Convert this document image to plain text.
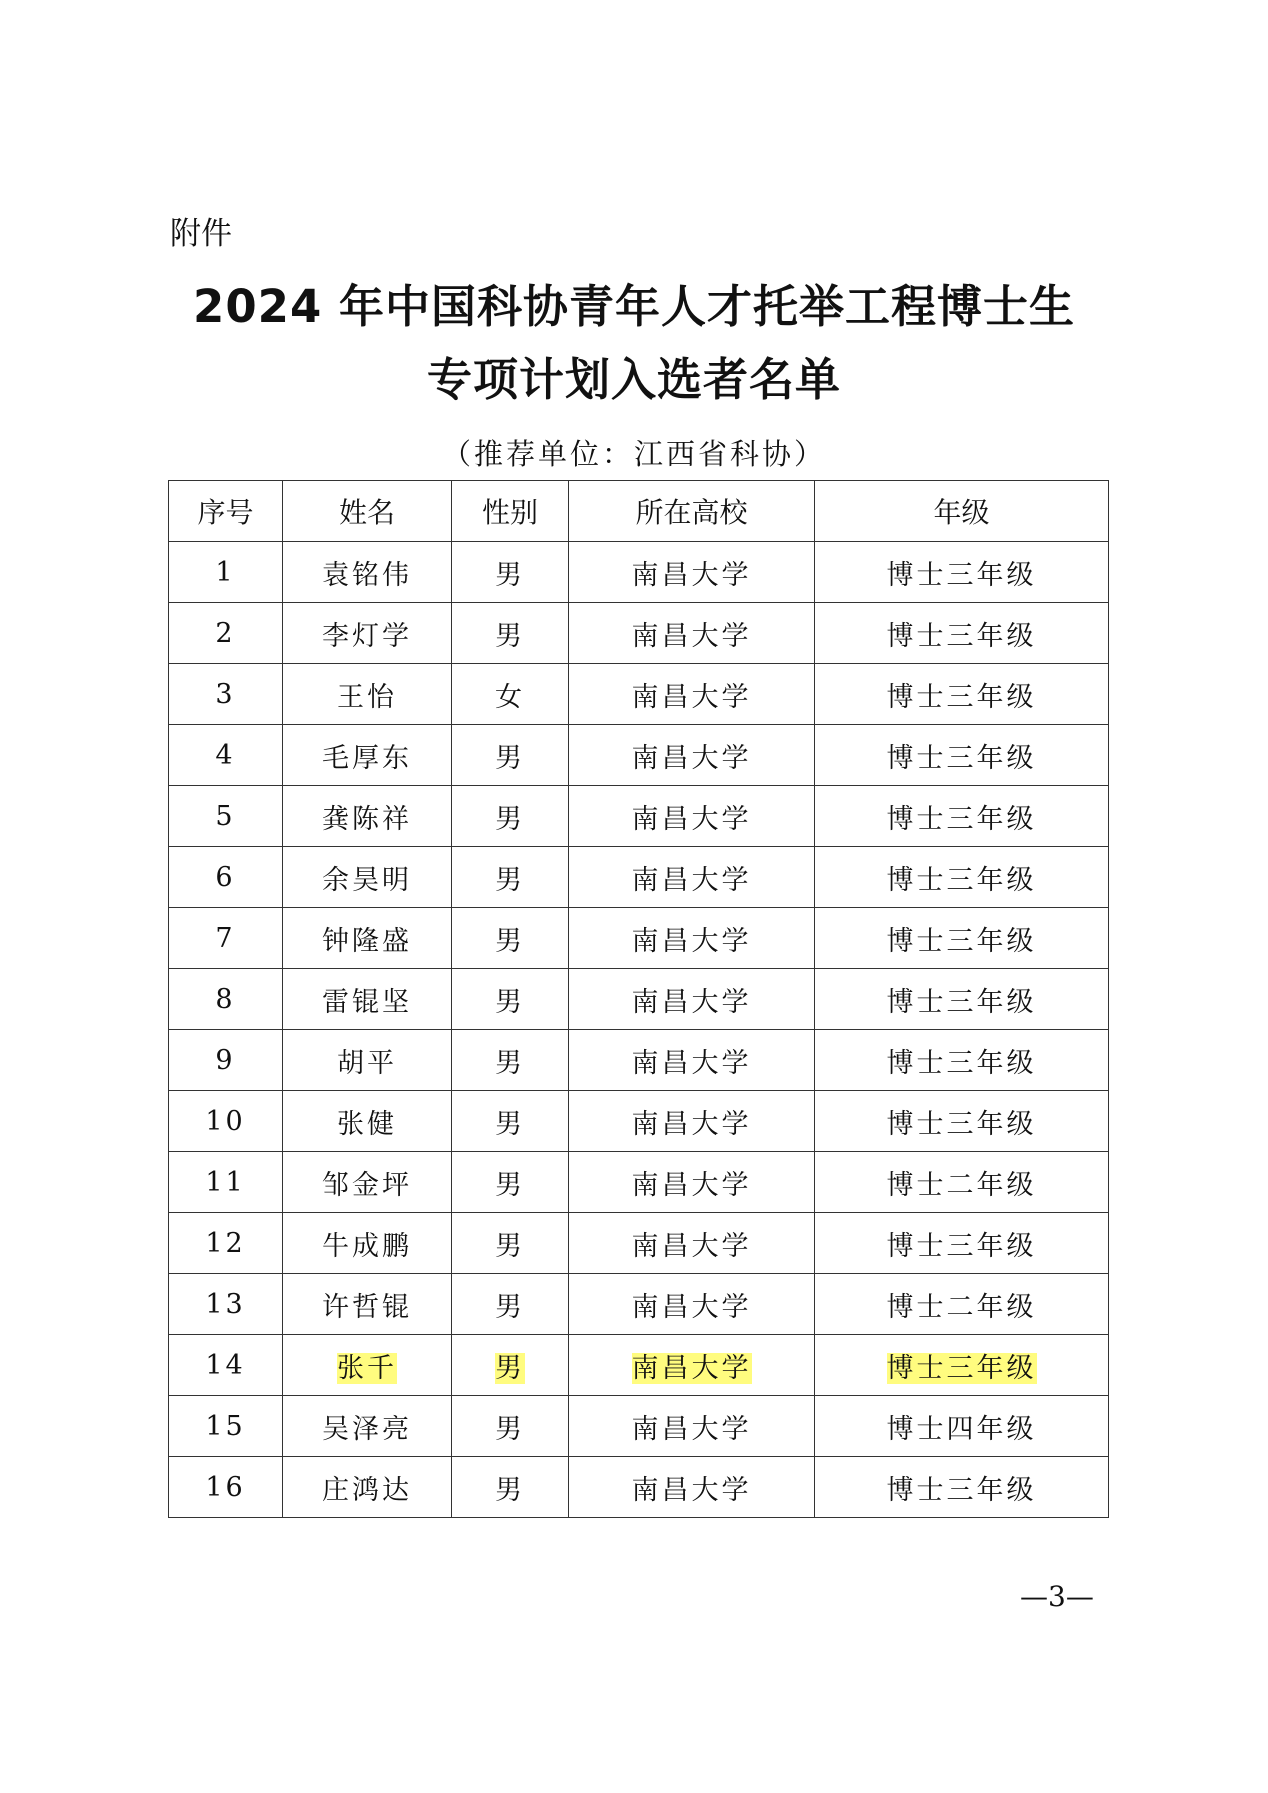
附件
2024 年中国科协青年人才托举工程博士生
专项计划入选者名单
（推荐单位：江西省科协）
序号	姓名	性别	所在高校	年级
1	袁铭伟	男	南昌大学	博士三年级
2	李灯学	男	南昌大学	博士三年级
3	王怡	女	南昌大学	博士三年级
4	毛厚东	男	南昌大学	博士三年级
5	龚陈祥	男	南昌大学	博士三年级
6	余昊明	男	南昌大学	博士三年级
7	钟隆盛	男	南昌大学	博士三年级
8	雷锟坚	男	南昌大学	博士三年级
9	胡平	男	南昌大学	博士三年级
10	张健	男	南昌大学	博士三年级
11	邹金坪	男	南昌大学	博士二年级
12	牛成鹏	男	南昌大学	博士三年级
13	许哲锟	男	南昌大学	博士二年级
14	张千	男	南昌大学	博士三年级
15	吴泽亮	男	南昌大学	博士四年级
16	庄鸿达	男	南昌大学	博士三年级
—3—
